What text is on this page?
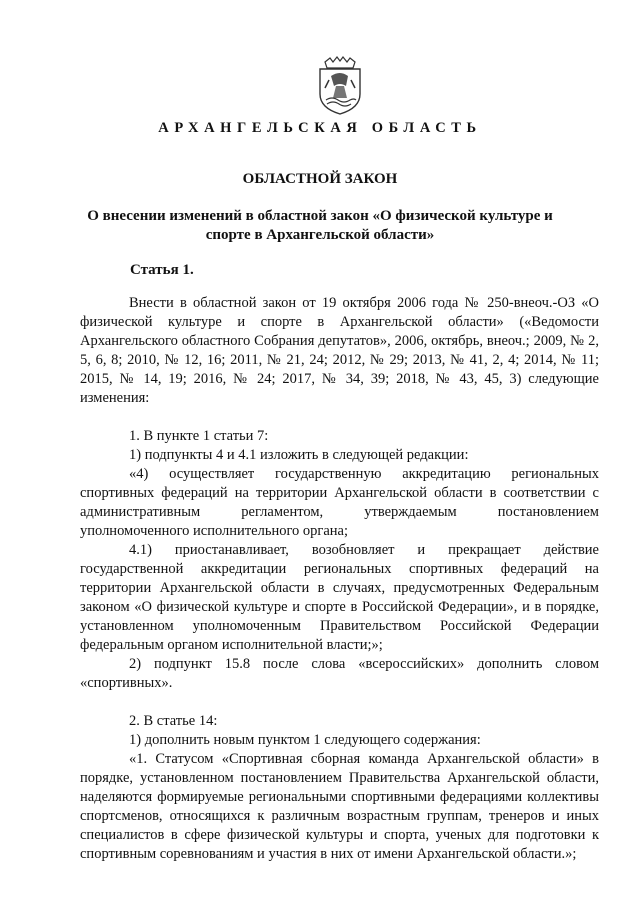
АРХАНГЕЛЬСКАЯ ОБЛАСТЬ
ОБЛАСТНОЙ ЗАКОН
О внесении изменений в областной закон «О физической культуре и спорте в Архангельской области»
Статья 1.

Внести в областной закон от 19 октября 2006 года № 250-внеоч.-ОЗ «О физической культуре и спорте в Архангельской области» («Ведомости Архангельского областного Собрания депутатов», 2006, октябрь, внеоч.; 2009, № 2, 5, 6, 8; 2010, № 12, 16; 2011, № 21, 24; 2012, № 29; 2013, № 41, 2, 4; 2014, № 11; 2015, № 14, 19; 2016, № 24; 2017, № 34, 39; 2018, № 43, 45, 3) следующие изменения:

1. В пункте 1 статьи 7:

1) подпункты 4 и 4.1 изложить в следующей редакции:

«4) осуществляет государственную аккредитацию региональных спортивных федераций на территории Архангельской области в соответствии с административным регламентом, утверждаемым постановлением уполномоченного исполнительного органа;

4.1) приостанавливает, возобновляет и прекращает действие государственной аккредитации региональных спортивных федераций на территории Архангельской области в случаях, предусмотренных Федеральным законом «О физической культуре и спорте в Российской Федерации», и в порядке, установленном уполномоченным Правительством Российской Федерации федеральным органом исполнительной власти;»;

2) подпункт 15.8 после слова «всероссийских» дополнить словом «спортивных».

2. В статье 14:

1) дополнить новым пунктом 1 следующего содержания:

«1. Статусом «Спортивная сборная команда Архангельской области» в порядке, установленном постановлением Правительства Архангельской области, наделяются формируемые региональными спортивными федерациями коллективы спортсменов, относящихся к различным возрастным группам, тренеров и иных специалистов в сфере физической культуры и спорта, ученых для подготовки к спортивным соревнованиям и участия в них от имени Архангельской области.»;
